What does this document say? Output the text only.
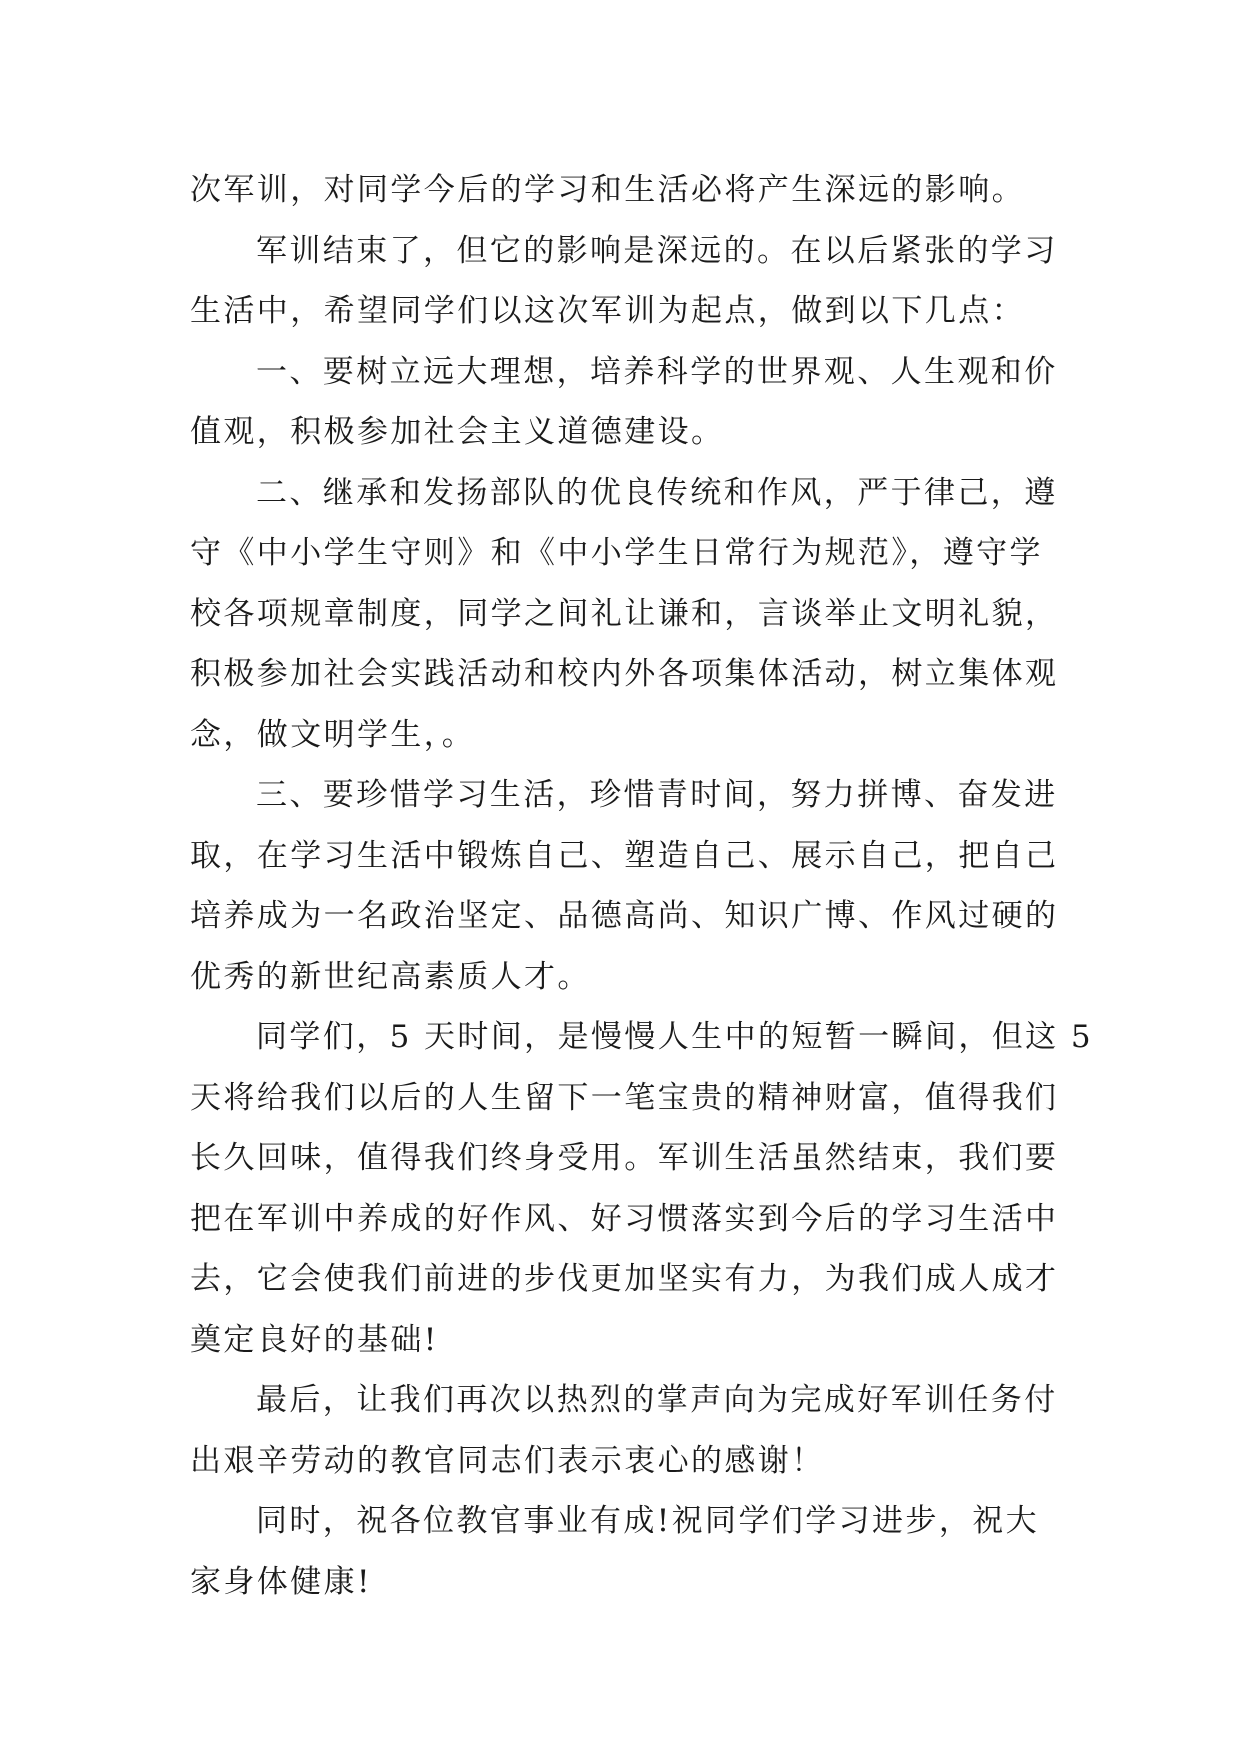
次军训，对同学今后的学习和生活必将产生深远的影响。
军训结束了，但它的影响是深远的。在以后紧张的学习
生活中，希望同学们以这次军训为起点，做到以下几点：
一、要树立远大理想，培养科学的世界观、人生观和价
值观，积极参加社会主义道德建设。
二、继承和发扬部队的优良传统和作风，严于律己，遵
守《中小学生守则》和《中小学生日常行为规范》，遵守学
校各项规章制度，同学之间礼让谦和，言谈举止文明礼貌，
积极参加社会实践活动和校内外各项集体活动，树立集体观
念，做文明学生，。
三、要珍惜学习生活，珍惜青时间，努力拼博、奋发进
取，在学习生活中锻炼自己、塑造自己、展示自己，把自己
培养成为一名政治坚定、品德高尚、知识广博、作风过硬的
优秀的新世纪高素质人才。
同学们，5 天时间，是慢慢人生中的短暂一瞬间，但这 5
天将给我们以后的人生留下一笔宝贵的精神财富，值得我们
长久回味，值得我们终身受用。军训生活虽然结束，我们要
把在军训中养成的好作风、好习惯落实到今后的学习生活中
去，它会使我们前进的步伐更加坚实有力，为我们成人成才
奠定良好的基础!
最后，让我们再次以热烈的掌声向为完成好军训任务付
出艰辛劳动的教官同志们表示衷心的感谢！
同时，祝各位教官事业有成!祝同学们学习进步，祝大
家身体健康!
